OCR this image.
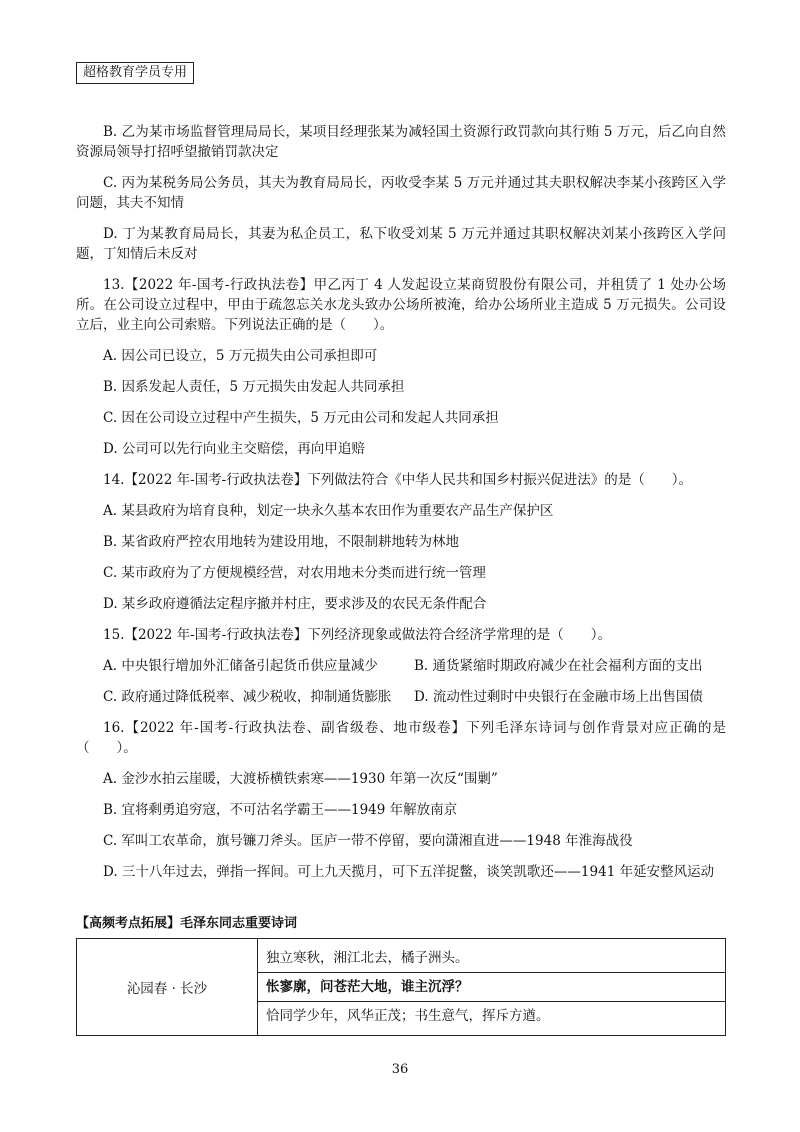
超格教育学员专用

B. 乙为某市场监督管理局局长，某项目经理张某为减轻国土资源行政罚款向其行贿 5 万元，后乙向自然资源局领导打招呼望撤销罚款决定

C. 丙为某税务局公务员，其夫为教育局局长，丙收受李某 5 万元并通过其夫职权解决李某小孩跨区入学问题，其夫不知情

D. 丁为某教育局局长，其妻为私企员工，私下收受刘某 5 万元并通过其职权解决刘某小孩跨区入学问题，丁知情后未反对

13.【2022 年-国考-行政执法卷】甲乙丙丁 4 人发起设立某商贸股份有限公司，并租赁了 1 处办公场所。在公司设立过程中，甲由于疏忽忘关水龙头致办公场所被淹，给办公场所业主造成 5 万元损失。公司设立后，业主向公司索赔。下列说法正确的是（　　）。

A. 因公司已设立，5 万元损失由公司承担即可

B. 因系发起人责任，5 万元损失由发起人共同承担

C. 因在公司设立过程中产生损失，5 万元由公司和发起人共同承担

D. 公司可以先行向业主交赔偿，再向甲追赔

14.【2022 年-国考-行政执法卷】下列做法符合《中华人民共和国乡村振兴促进法》的是（　　）。

A. 某县政府为培育良种，划定一块永久基本农田作为重要农产品生产保护区

B. 某省政府严控农用地转为建设用地，不限制耕地转为林地

C. 某市政府为了方便规模经营，对农用地未分类而进行统一管理

D. 某乡政府遵循法定程序撤并村庄，要求涉及的农民无条件配合

15.【2022 年-国考-行政执法卷】下列经济现象或做法符合经济学常理的是（　　）。

A. 中央银行增加外汇储备引起货币供应量减少	B. 通货紧缩时期政府减少在社会福利方面的支出
C. 政府通过降低税率、减少税收，抑制通货膨胀	D. 流动性过剩时中央银行在金融市场上出售国债

16.【2022 年-国考-行政执法卷、副省级卷、地市级卷】下列毛泽东诗词与创作背景对应正确的是（　　）。

A. 金沙水拍云崖暖，大渡桥横铁索寒——1930 年第一次反“围剿”

B. 宜将剩勇追穷寇，不可沽名学霸王——1949 年解放南京

C. 军叫工农革命，旗号镰刀斧头。匡庐一带不停留，要向潇湘直进——1948 年淮海战役

D. 三十八年过去，弹指一挥间。可上九天揽月，可下五洋捉鳖，谈笑凯歌还——1941 年延安整风运动

【高频考点拓展】毛泽东同志重要诗词
沁园春 · 长沙	
独立寒秋，湘江北去，橘子洲头。
怅寥廓，问苍茫大地，谁主沉浮？
恰同学少年，风华正茂；书生意气，挥斥方遒。
36
